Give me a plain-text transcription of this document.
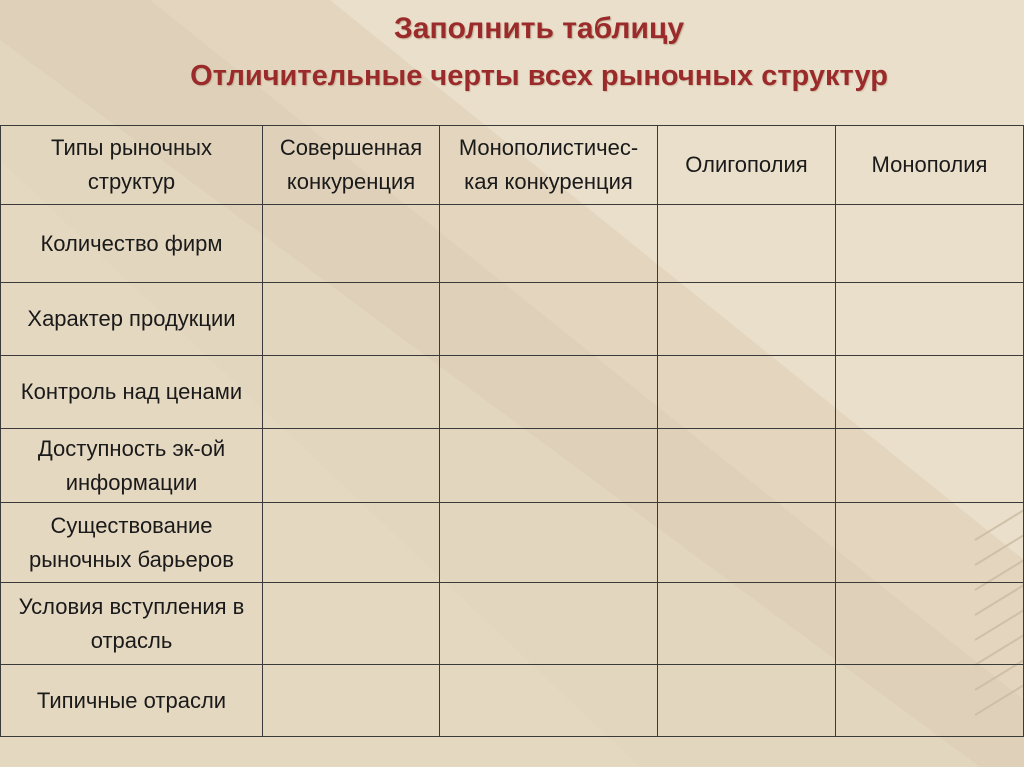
Заполнить таблицу
Отличительные черты всех рыночных структур
Типы рыночных структур	Совершенная конкуренция	Монополистичес-кая конкуренция	Олигополия	Монополия
Количество фирм				
Характер продукции				
Контроль над ценами				
Доступность эк-ой информации				
Существование рыночных барьеров				
Условия вступления в отрасль				
Типичные отрасли				
